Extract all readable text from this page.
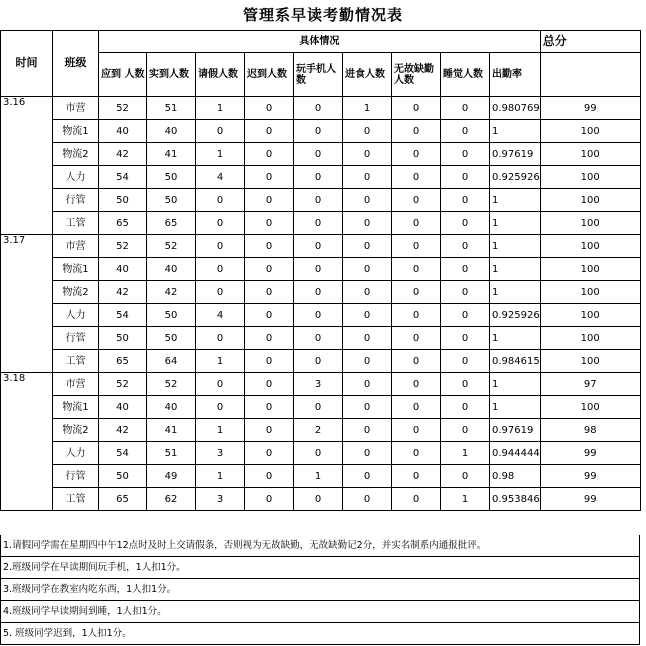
管理系早读考勤情况表
时间	班级	具体情况									总分
		应到 人数	实到人数	请假人数	迟到人数	玩手机人数	进食人数	无故缺勤人数	睡觉人数	出勤率	
3.16	市营	52	51	1	0	0	1	0	0	0.980769	99
	物流1	40	40	0	0	0	0	0	0	1	100
	物流2	42	41	1	0	0	0	0	0	0.97619	100
	人力	54	50	4	0	0	0	0	0	0.925926	100
	行管	50	50	0	0	0	0	0	0	1	100
	工管	65	65	0	0	0	0	0	0	1	100
3.17	市营	52	52	0	0	0	0	0	0	1	100
	物流1	40	40	0	0	0	0	0	0	1	100
	物流2	42	42	0	0	0	0	0	0	1	100
	人力	54	50	4	0	0	0	0	0	0.925926	100
	行管	50	50	0	0	0	0	0	0	1	100
	工管	65	64	1	0	0	0	0	0	0.984615	100
3.18	市营	52	52	0	0	3	0	0	0	1	97
	物流1	40	40	0	0	0	0	0	0	1	100
	物流2	42	41	1	0	2	0	0	0	0.97619	98
	人力	54	51	3	0	0	0	0	1	0.944444	99
	行管	50	49	1	0	1	0	0	0	0.98	99
	工管	65	62	3	0	0	0	0	1	0.953846	99
1.请假同学需在星期四中午12点时及时上交请假条，否则视为无故缺勤，无故缺勤记2分，并实名制系内通报批评。
2.班级同学在早读期间玩手机，1人扣1分。
3.班级同学在教室内吃东西，1人扣1分。
4.班级同学早读期间到睡，1人扣1分。
5. 班级同学迟到，1人扣1分。
